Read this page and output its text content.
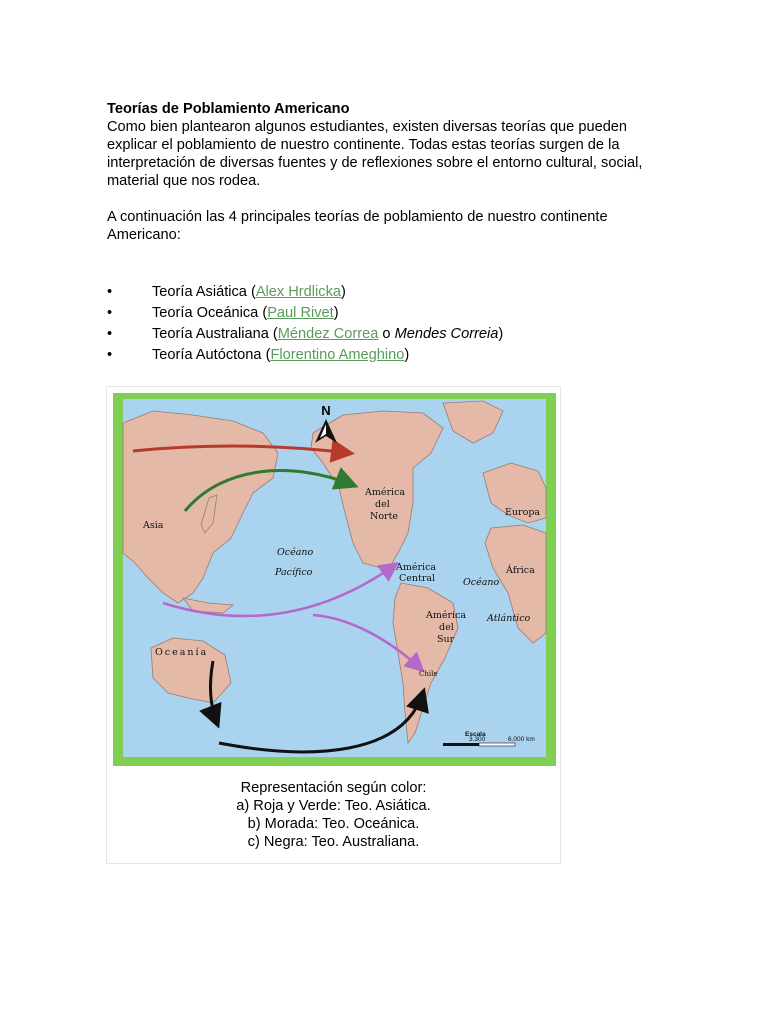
Teorías de Poblamiento Americano

Como bien plantearon algunos estudiantes, existen diversas teorías que pueden explicar el poblamiento de nuestro continente. Todas estas teorías surgen de la interpretación de diversas fuentes y de reflexiones sobre el entorno cultural, social, material que nos rodea.

A continuación las 4 principales teorías de poblamiento de nuestro continente Americano:

•	Teoría Asiática (Alex Hrdlicka)
•	Teoría Oceánica (Paul Rivet)
•	Teoría Australiana (Méndez Correa o Mendes Correia)
•	Teoría Autóctona (Florentino Ameghino)
N
Asia
América
del
Norte	Europa
África
Océano
Pacífico	América
Central	Océano
Atlántico
América
del
Sur
Oceanía
Chile
Escala
3.300	6.000 km
Representación según color:
a) Roja y Verde: Teo. Asiática.
b) Morada: Teo. Oceánica.
c) Negra: Teo. Australiana.
